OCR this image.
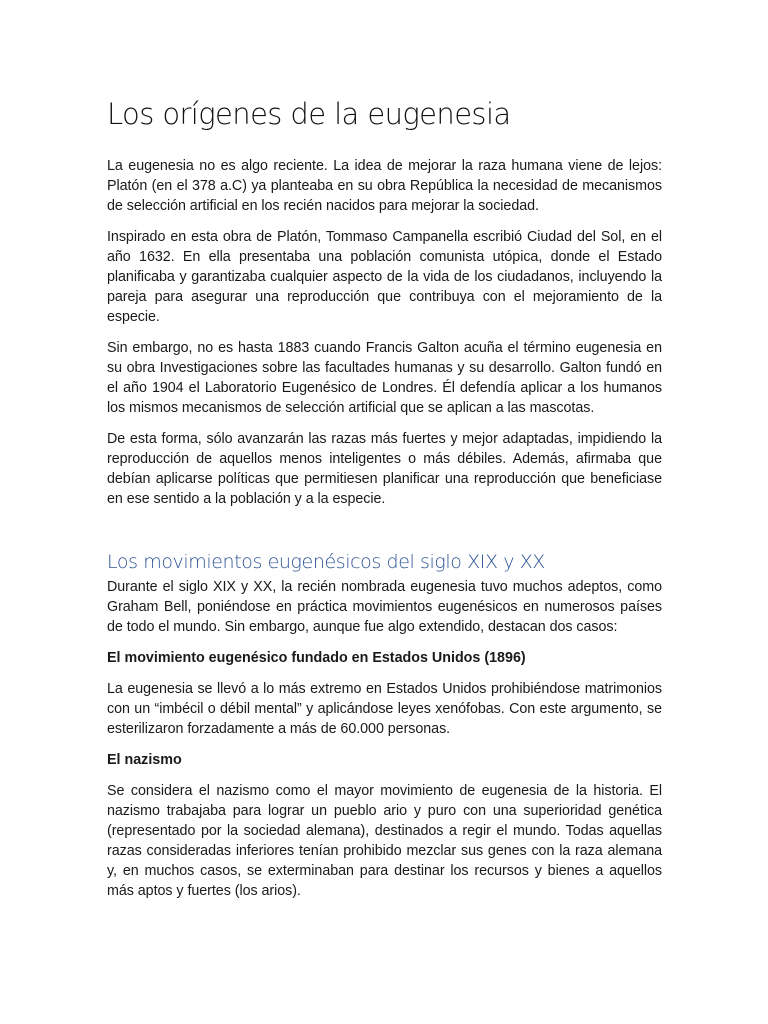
Los orígenes de la eugenesia

La eugenesia no es algo reciente. La idea de mejorar la raza humana viene de lejos: Platón (en el 378 a.C) ya planteaba en su obra República la necesidad de mecanismos de selección artificial en los recién nacidos para mejorar la sociedad.

Inspirado en esta obra de Platón, Tommaso Campanella escribió Ciudad del Sol, en el año 1632. En ella presentaba una población comunista utópica, donde el Estado planificaba y garantizaba cualquier aspecto de la vida de los ciudadanos, incluyendo la pareja para asegurar una reproducción que contribuya con el mejoramiento de la especie.

Sin embargo, no es hasta 1883 cuando Francis Galton acuña el término eugenesia en su obra Investigaciones sobre las facultades humanas y su desarrollo. Galton fundó en el año 1904 el Laboratorio Eugenésico de Londres. Él defendía aplicar a los humanos los mismos mecanismos de selección artificial que se aplican a las mascotas.

De esta forma, sólo avanzarán las razas más fuertes y mejor adaptadas, impidiendo la reproducción de aquellos menos inteligentes o más débiles. Además, afirmaba que debían aplicarse políticas que permitiesen planificar una reproducción que beneficiase en ese sentido a la población y a la especie.

Los movimientos eugenésicos del siglo XIX y XX

Durante el siglo XIX y XX, la recién nombrada eugenesia tuvo muchos adeptos, como Graham Bell, poniéndose en práctica movimientos eugenésicos en numerosos países de todo el mundo. Sin embargo, aunque fue algo extendido, destacan dos casos:

El movimiento eugenésico fundado en Estados Unidos (1896)

La eugenesia se llevó a lo más extremo en Estados Unidos prohibiéndose matrimonios con un “imbécil o débil mental” y aplicándose leyes xenófobas. Con este argumento, se esterilizaron forzadamente a más de 60.000 personas.

El nazismo

Se considera el nazismo como el mayor movimiento de eugenesia de la historia. El nazismo trabajaba para lograr un pueblo ario y puro con una superioridad genética (representado por la sociedad alemana), destinados a regir el mundo. Todas aquellas razas consideradas inferiores tenían prohibido mezclar sus genes con la raza alemana y, en muchos casos, se exterminaban para destinar los recursos y bienes a aquellos más aptos y fuertes (los arios).
